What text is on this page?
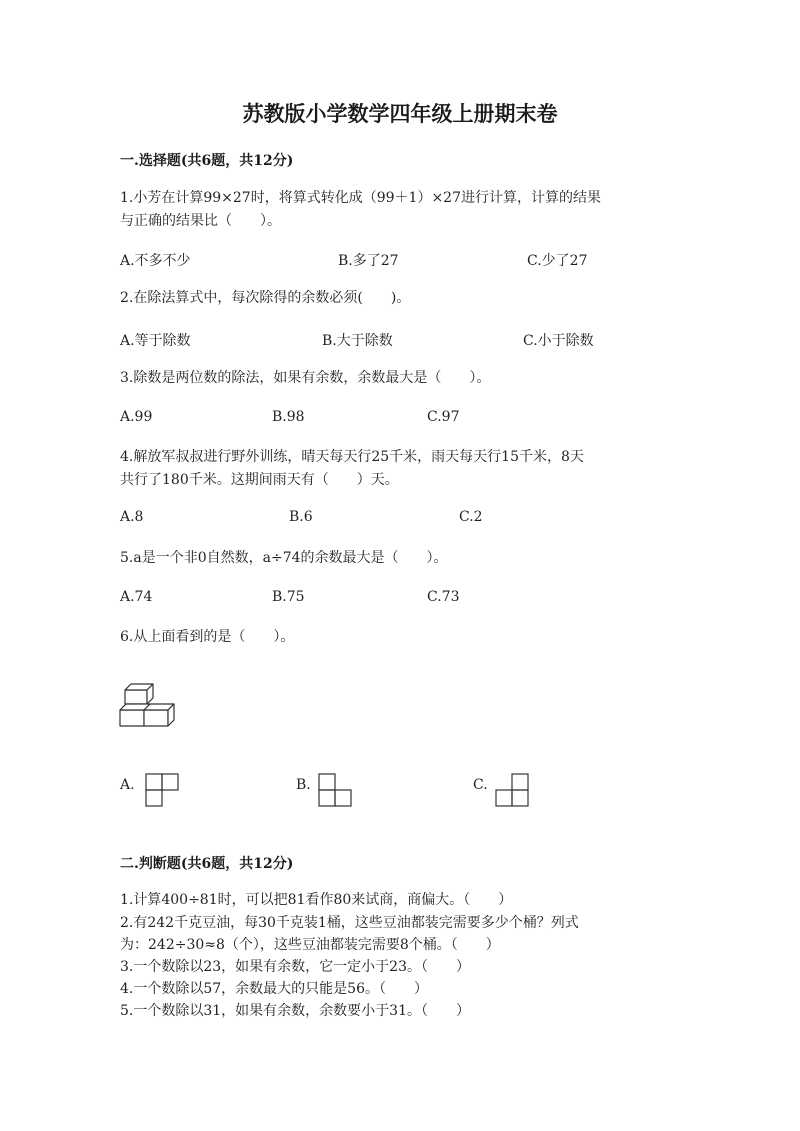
苏教版小学数学四年级上册期末卷
一.选择题(共6题，共12分)
1.小芳在计算99×27时，将算式转化成（99＋1）×27进行计算，计算的结果
与正确的结果比（　　）。
A.不多不少	B.多了27	C.少了27
2.在除法算式中，每次除得的余数必须(　　)。
A.等于除数	B.大于除数	C.小于除数
3.除数是两位数的除法，如果有余数，余数最大是（　　）。
A.99	B.98	C.97
4.解放军叔叔进行野外训练，晴天每天行25千米，雨天每天行15千米，8天
共行了180千米。这期间雨天有（　　）天。
A.8	B.6	C.2
5.a是一个非0自然数，a÷74的余数最大是（　　）。
A.74	B.75	C.73
6.从上面看到的是（　　）。
A.	B.	C.
二.判断题(共6题，共12分)
1.计算400÷81时，可以把81看作80来试商，商偏大。（　　）
2.有242千克豆油，每30千克装1桶，这些豆油都装完需要多少个桶？列式
为：242÷30≈8（个），这些豆油都装完需要8个桶。（　　）
3.一个数除以23，如果有余数，它一定小于23。（　　）
4.一个数除以57，余数最大的只能是56。（　　）
5.一个数除以31，如果有余数，余数要小于31。（　　）
